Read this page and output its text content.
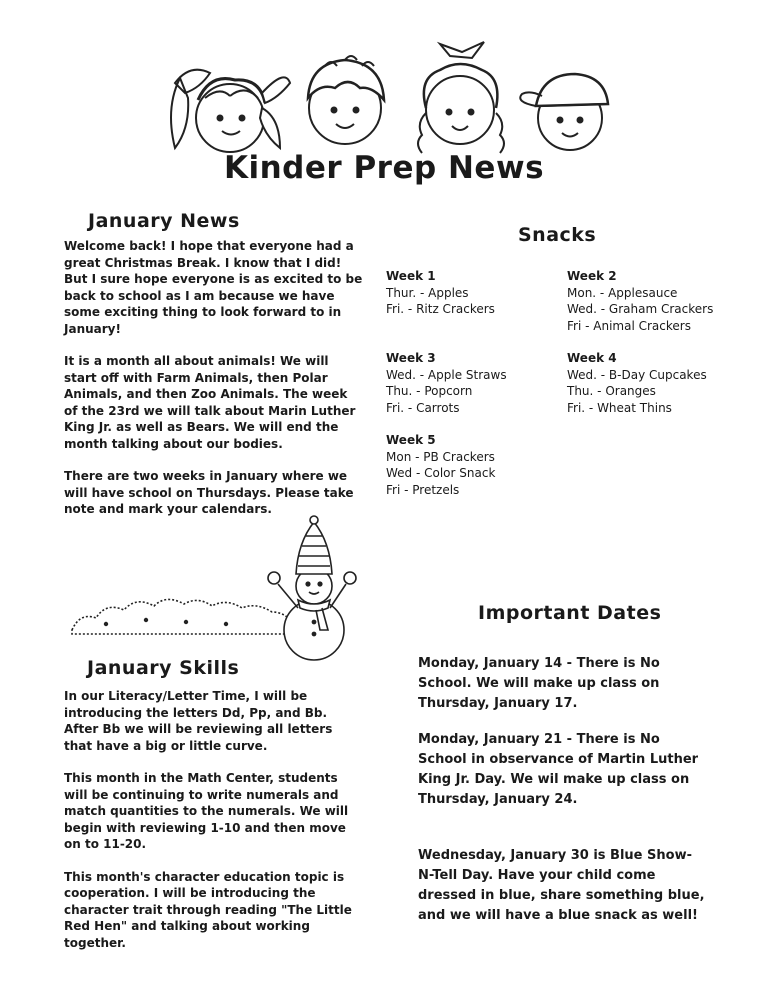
Kinder Prep News
January News

Welcome back! I hope that everyone had a great Christmas Break. I know that I did! But I sure hope everyone is as excited to be back to school as I am because we have some exciting thing to look forward to in January!

It is a month all about animals! We will start off with Farm Animals, then Polar Animals, and then Zoo Animals. The week of the 23rd we will talk about Marin Luther King Jr. as well as Bears. We will end the month talking about our bodies.

There are two weeks in January where we will have school on Thursdays. Please take note and mark your calendars.

Snacks
Week 1
Thur. - Apples
Fri. - Ritz Crackers
Week 2
Mon. - Applesauce
Wed. - Graham Crackers
Fri - Animal Crackers
Week 3
Wed. - Apple Straws
Thu. - Popcorn
Fri. - Carrots
Week 4
Wed. - B-Day Cupcakes
Thu. - Oranges
Fri. - Wheat Thins
Week 5
Mon - PB Crackers
Wed - Color Snack
Fri - Pretzels
January Skills

In our Literacy/Letter Time, I will be introducing the letters Dd, Pp, and Bb. After Bb we will be reviewing all letters that have a big or little curve.

This month in the Math Center, students will be continuing to write numerals and match quantities to the numerals. We will begin with reviewing 1-10 and then move on to 11-20.

This month's character education topic is cooperation. I will be introducing the character trait through reading "The Little Red Hen" and talking about working together.

Important Dates

Monday, January 14 - There is No School. We will make up class on Thursday, January 17.

Monday, January 21 - There is No School in observance of Martin Luther King Jr. Day. We wil make up class on Thursday, January 24.

Wednesday, January 30 is Blue Show-N-Tell Day. Have your child come dressed in blue, share something blue, and we will have a blue snack as well!
